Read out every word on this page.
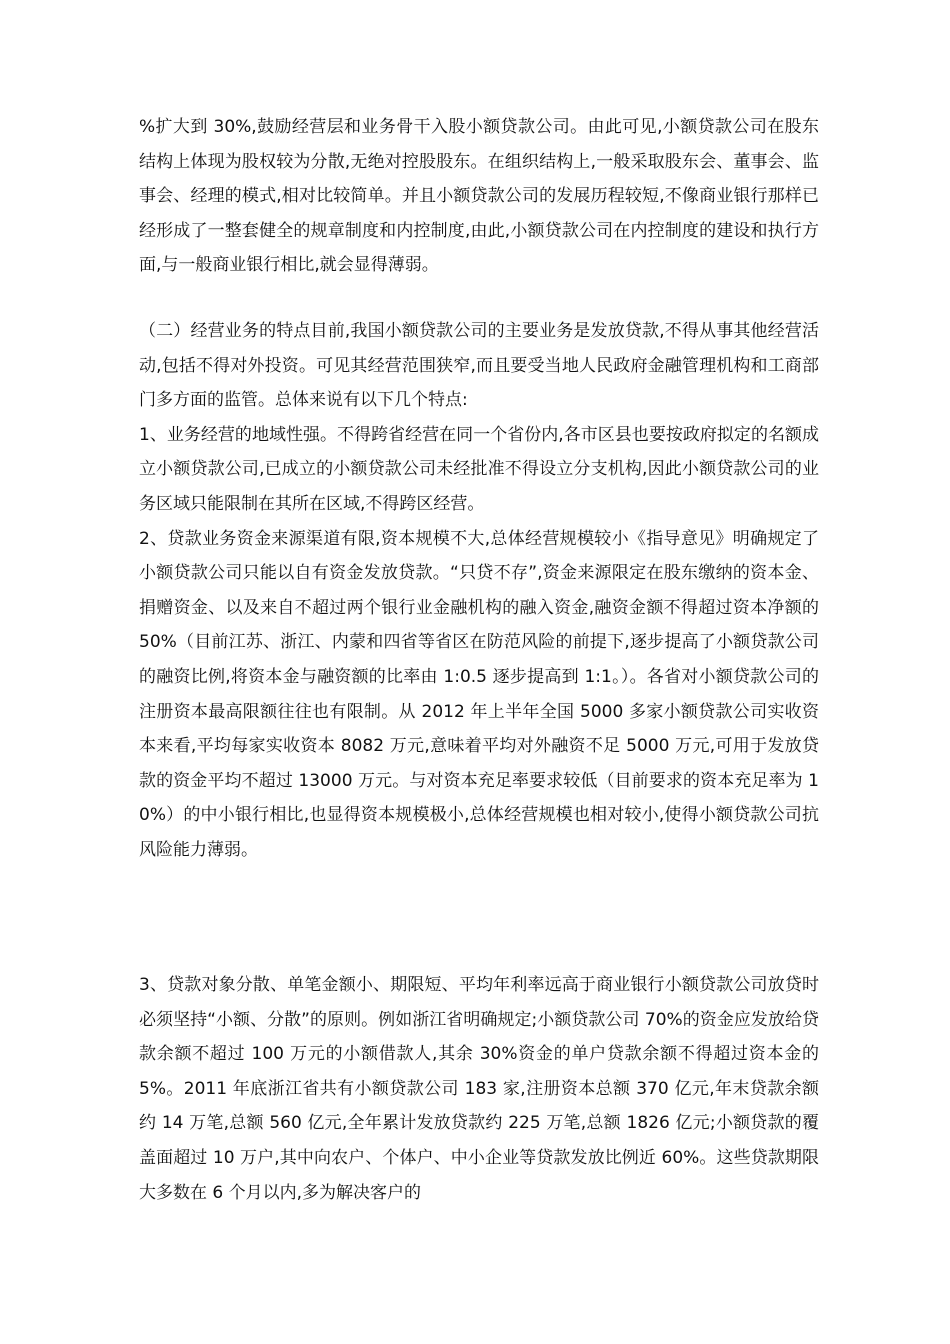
%扩大到 30%,鼓励经营层和业务骨干入股小额贷款公司。由此可见,小额贷款公司在股东结构上体现为股权较为分散,无绝对控股股东。在组织结构上,一般采取股东会、董事会、监事会、经理的模式,相对比较简单。并且小额贷款公司的发展历程较短,不像商业银行那样已经形成了一整套健全的规章制度和内控制度,由此,小额贷款公司在内控制度的建设和执行方面,与一般商业银行相比,就会显得薄弱。

（二）经营业务的特点目前,我国小额贷款公司的主要业务是发放贷款,不得从事其他经营活动,包括不得对外投资。可见其经营范围狭窄,而且要受当地人民政府金融管理机构和工商部门多方面的监管。总体来说有以下几个特点:
1、业务经营的地域性强。不得跨省经营在同一个省份内,各市区县也要按政府拟定的名额成立小额贷款公司,已成立的小额贷款公司未经批准不得设立分支机构,因此小额贷款公司的业务区域只能限制在其所在区域,不得跨区经营。
2、贷款业务资金来源渠道有限,资本规模不大,总体经营规模较小《指导意见》明确规定了小额贷款公司只能以自有资金发放贷款。“只贷不存”,资金来源限定在股东缴纳的资本金、捐赠资金、以及来自不超过两个银行业金融机构的融入资金,融资金额不得超过资本净额的 50%（目前江苏、浙江、内蒙和四省等省区在防范风险的前提下,逐步提高了小额贷款公司的融资比例,将资本金与融资额的比率由 1:0.5 逐步提高到 1:1。）。各省对小额贷款公司的注册资本最高限额往往也有限制。从 2012 年上半年全国 5000 多家小额贷款公司实收资本来看,平均每家实收资本 8082 万元,意味着平均对外融资不足 5000 万元,可用于发放贷款的资金平均不超过 13000 万元。与对资本充足率要求较低（目前要求的资本充足率为 10%）的中小银行相比,也显得资本规模极小,总体经营规模也相对较小,使得小额贷款公司抗风险能力薄弱。

3、贷款对象分散、单笔金额小、期限短、平均年利率远高于商业银行小额贷款公司放贷时必须坚持“小额、分散”的原则。例如浙江省明确规定;小额贷款公司 70%的资金应发放给贷款余额不超过 100 万元的小额借款人,其余 30%资金的单户贷款余额不得超过资本金的 5%。2011 年底浙江省共有小额贷款公司 183 家,注册资本总额 370 亿元,年末贷款余额约 14 万笔,总额 560 亿元,全年累计发放贷款约 225 万笔,总额 1826 亿元;小额贷款的覆盖面超过 10 万户,其中向农户、个体户、中小企业等贷款发放比例近 60%。这些贷款期限大多数在 6 个月以内,多为解决客户的
